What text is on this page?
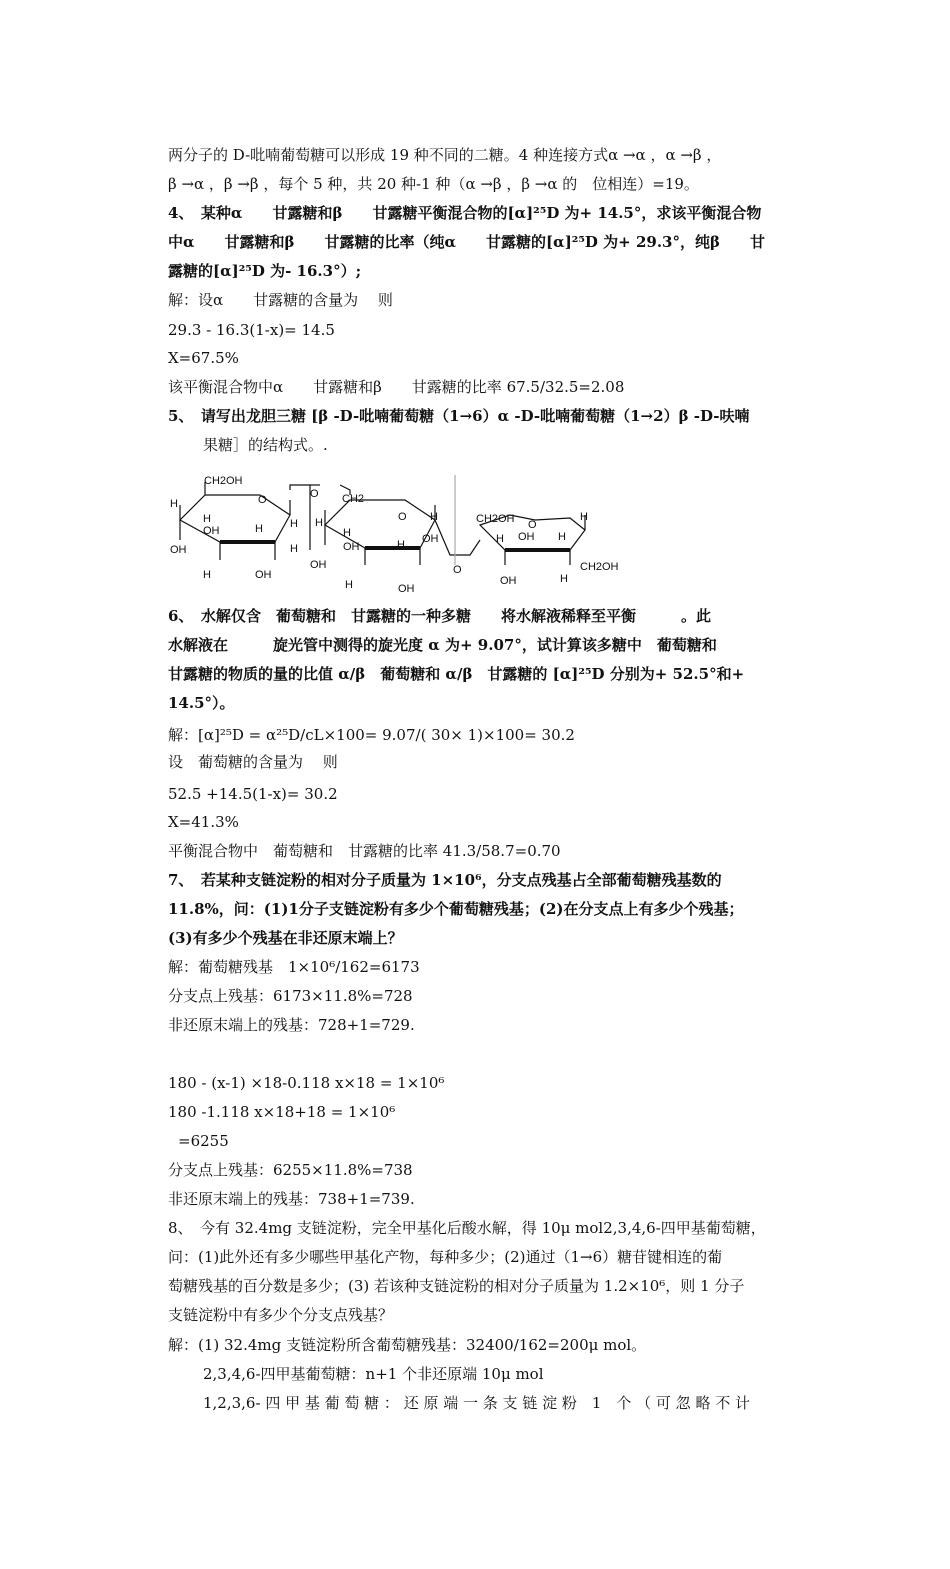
两分子的 D-吡喃葡萄糖可以形成 19 种不同的二糖。4 种连接方式α →α ，α →β ，
β →α ，β →β ，每个 5 种，共 20 种-1 种（α →β ，β →α 的　位相连）=19。
4、　某种α　　甘露糖和β　　甘露糖平衡混合物的[α]²⁵D 为+ 14.5°，求该平衡混合物
中α　　甘露糖和β　　甘露糖的比率（纯α　　甘露糖的[α]²⁵D 为+ 29.3°，纯β　　甘
露糖的[α]²⁵D 为- 16.3°）;
解：设α　　甘露糖的含量为　 则
29.3 - 16.3(1-x)= 14.5
X=67.5%
该平衡混合物中α　　甘露糖和β　　甘露糖的比率 67.5/32.5=2.08
5、　请写出龙胆三糖 [β -D-吡喃葡萄糖（1→6）α -D-吡喃葡萄糖（1→2）β -D-呋喃
果糖］的结构式。.
CH2OH
O
H
H
OH	H H
OH
H	OH
H
O CH2
O
H
H
OH	H
OH
H	OH
H
OH
O
CH2OH O
H
H OH H
OH	H
CH2OH
6、　水解仅含　葡萄糖和　甘露糖的一种多糖　　将水解液稀释至平衡　　　。此
水解液在　　　旋光管中测得的旋光度 α 为+ 9.07°，试计算该多糖中　葡萄糖和
甘露糖的物质的量的比值 α/β　葡萄糖和 α/β　甘露糖的 [α]²⁵D 分别为+ 52.5°和+
14.5°）。
解：[α]²⁵D = α²⁵D/cL×100= 9.07/( 30× 1)×100= 30.2
设　葡萄糖的含量为　 则
52.5 +14.5(1-x)= 30.2
X=41.3%
平衡混合物中　葡萄糖和　甘露糖的比率 41.3/58.7=0.70
7、　若某种支链淀粉的相对分子质量为 1×10⁶，分支点残基占全部葡萄糖残基数的
11.8%，问：(1)1分子支链淀粉有多少个葡萄糖残基；(2)在分支点上有多少个残基；
(3)有多少个残基在非还原末端上？
解：葡萄糖残基　1×10⁶/162=6173
分支点上残基：6173×11.8%=728
非还原末端上的残基：728+1=729.
180 - (x-1) ×18-0.118 x×18 = 1×10⁶
180 -1.118 x×18+18 = 1×10⁶
=6255
分支点上残基：6255×11.8%=738
非还原末端上的残基：738+1=739.
8、　今有 32.4mg 支链淀粉，完全甲基化后酸水解，得 10μ mol2,3,4,6-四甲基葡萄糖，
问：(1)此外还有多少哪些甲基化产物，每种多少；(2)通过（1→6）糖苷键相连的葡
萄糖残基的百分数是多少；(3) 若该种支链淀粉的相对分子质量为 1.2×10⁶，则 1 分子
支链淀粉中有多少个分支点残基？
解：(1) 32.4mg 支链淀粉所含葡萄糖残基：32400/162=200μ mol。
2,3,4,6-四甲基葡萄糖：n+1 个非还原端 10μ mol
1,2,3,6- 四 甲 基 葡 萄 糖 ： 还 原 端 一 条 支 链 淀 粉　1　个 （ 可 忽 略 不 计
